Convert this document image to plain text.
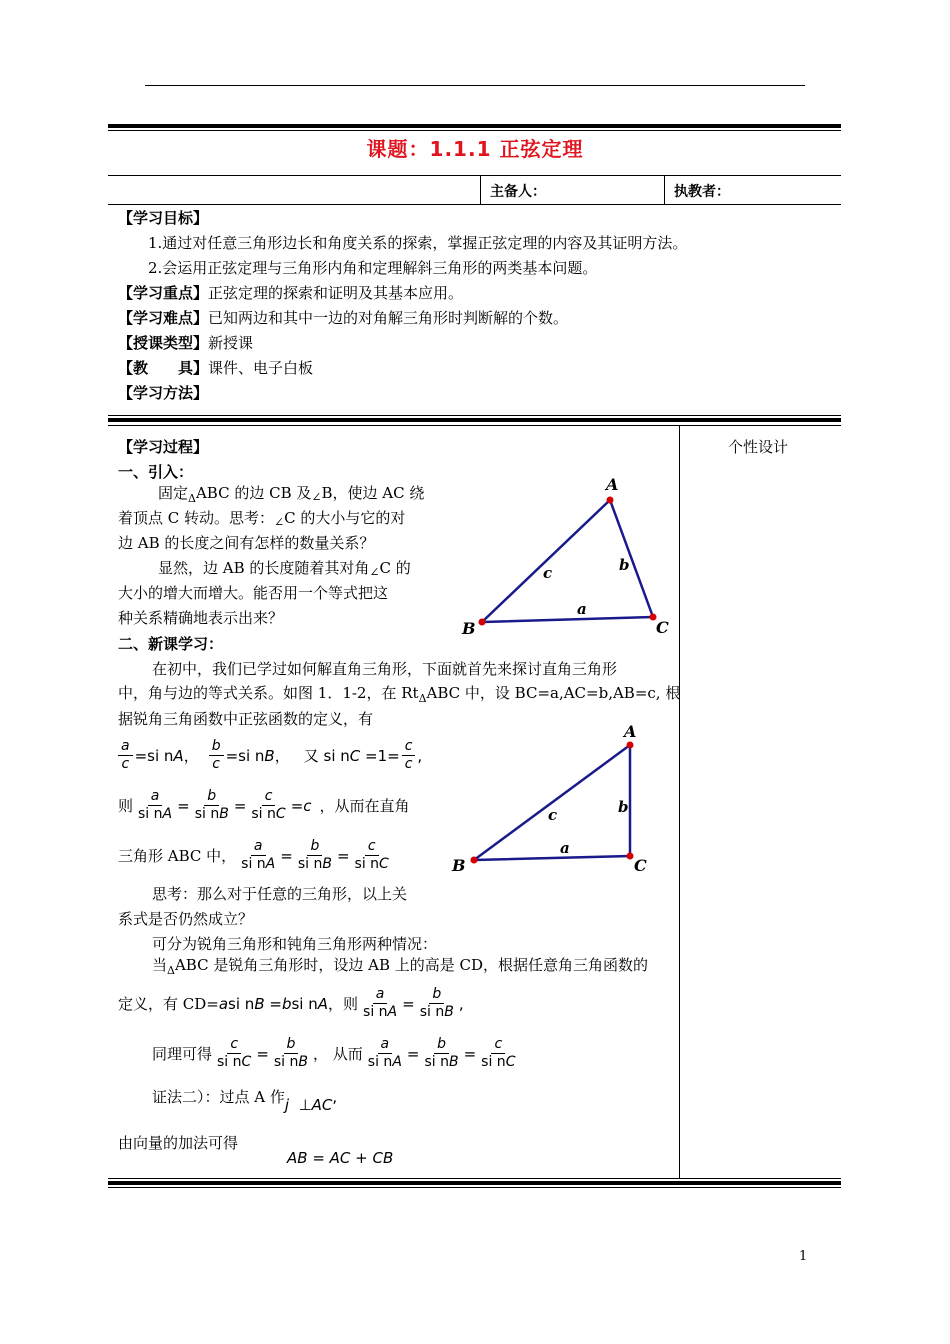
课题：1.1.1 正弦定理
主备人：	执教者：
【学习目标】
1.通过对任意三角形边长和角度关系的探索，掌握正弦定理的内容及其证明方法。
2.会运用正弦定理与三角形内角和定理解斜三角形的两类基本问题。
【学习重点】正弦定理的探索和证明及其基本应用。
【学习难点】已知两边和其中一边的对角解三角形时判断解的个数。
【授课类型】新授课
【教　　具】课件、电子白板
【学习方法】
【学习过程】	个性设计
一、引入：
固定$_\Delta$ABC 的边 CB 及$_\angle$B，使边 AC 绕
着顶点 C 转动。思考：$_\angle$C 的大小与它的对
边 AB 的长度之间有怎样的数量关系？
显然，边 AB 的长度随着其对角$_\angle$C 的
大小的增大而增大。能否用一个等式把这
种关系精确地表示出来？
A
B	C
c	b
a
二、新课学习：
在初中，我们已学过如何解直角三角形，下面就首先来探讨直角三角形
中，角与边的等式关系。如图 1．1-2，在 $Rt_\Delta ABC$ 中，设 BC=a,AC=b,AB=c, 根
据锐角三角函数中正弦函数的定义，有
$\frac{a}{c} =si$ nA， $\frac{b}{c} =si$ nB， 又 si nC $=1= \frac{c}{c}$ ,
则 $\frac{a}{\text{si nA}} = \frac{b}{\text{si nB}} = \frac{c}{\text{si nC}} =c$ ，从而在直角
三角形 ABC 中， $\frac{a}{\text{si nA}} = \frac{b}{\text{si nB}} = \frac{c}{\text{si nC}}$
A
B	C
c	b
a
思考：那么对于任意的三角形，以上关
系式是否仍然成立？
可分为锐角三角形和钝角三角形两种情况：
当$_\Delta$ABC 是锐角三角形时，设边 AB 上的高是 CD，根据任意角三角函数的
定义，有 CD= asi nB =bsi nA ，则 $\frac{a}{\text{si nA}} = \frac{b}{\text{si nB}}$ ,
同理可得 $\frac{c}{\text{si nC}} = \frac{b}{\text{si nB}}$ ， 从而 $\frac{a}{\text{si nA}} = \frac{b}{\text{si nB}} = \frac{c}{\text{si nC}}$
证法二）：过点 A 作j  ⊥AC,
由向量的加法可得
AB = AC + CB
1
